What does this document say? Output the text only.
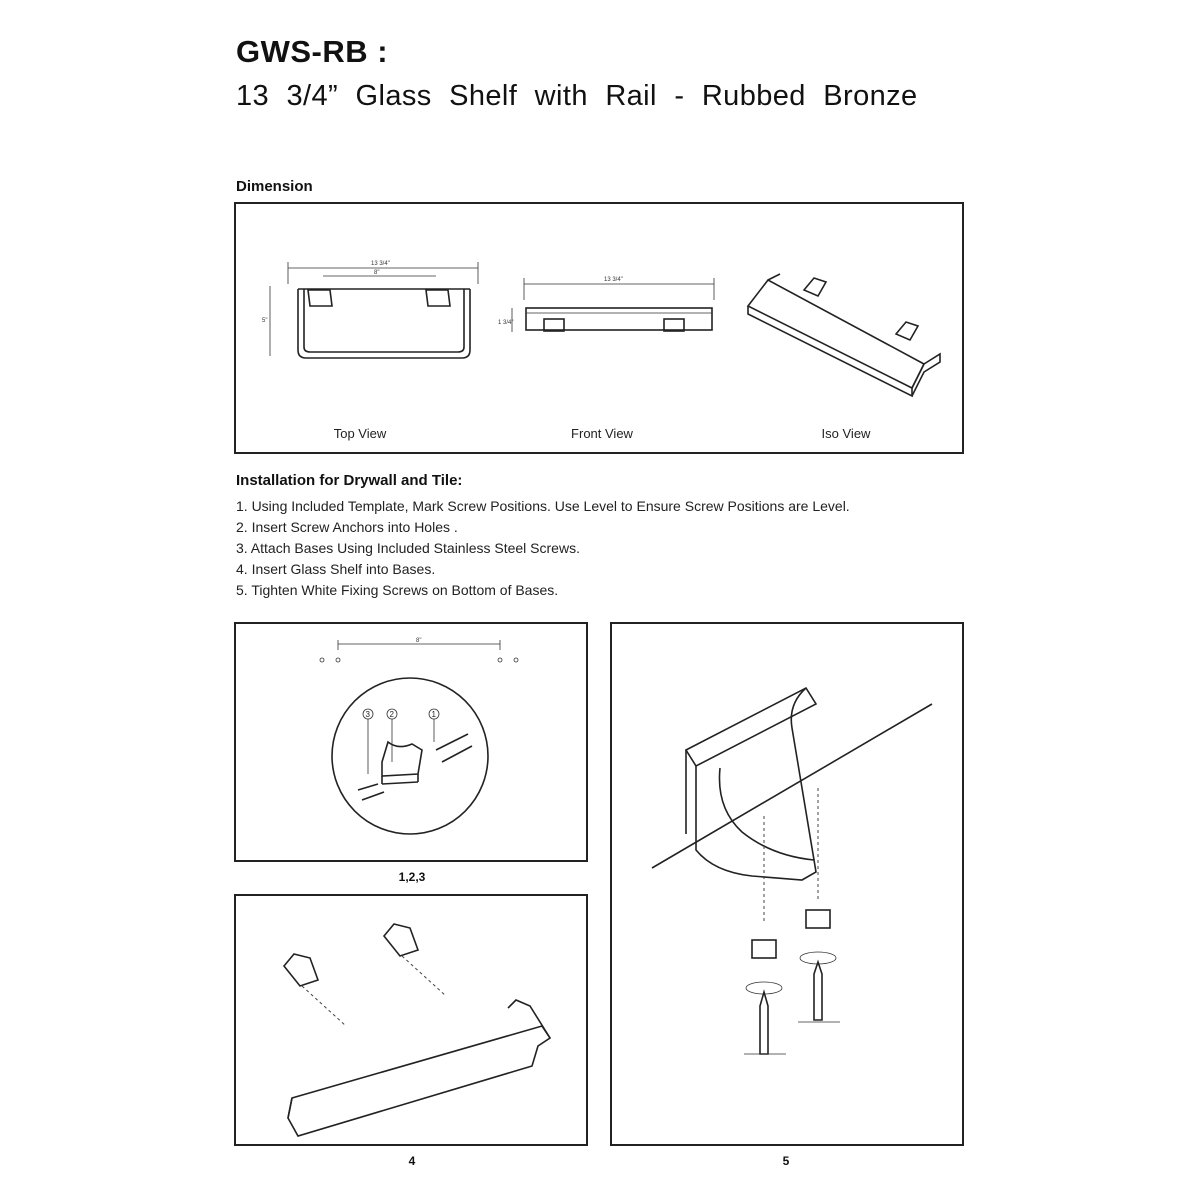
GWS-RB :
13 3/4” Glass Shelf with Rail - Rubbed Bronze
Dimension
13 3/4"
8"
5"
13 3/4"
1 3/4"
Top View	Front View	Iso View
Installation for Drywall and Tile:
1. Using Included Template, Mark Screw Positions. Use Level to Ensure Screw Positions are Level.
2. Insert Screw Anchors into Holes .
3. Attach Bases Using Included Stainless Steel Screws.
4. Insert Glass Shelf into Bases.
5. Tighten White Fixing Screws on Bottom of Bases.
8"
3 2	1
1,2,3
4	5
